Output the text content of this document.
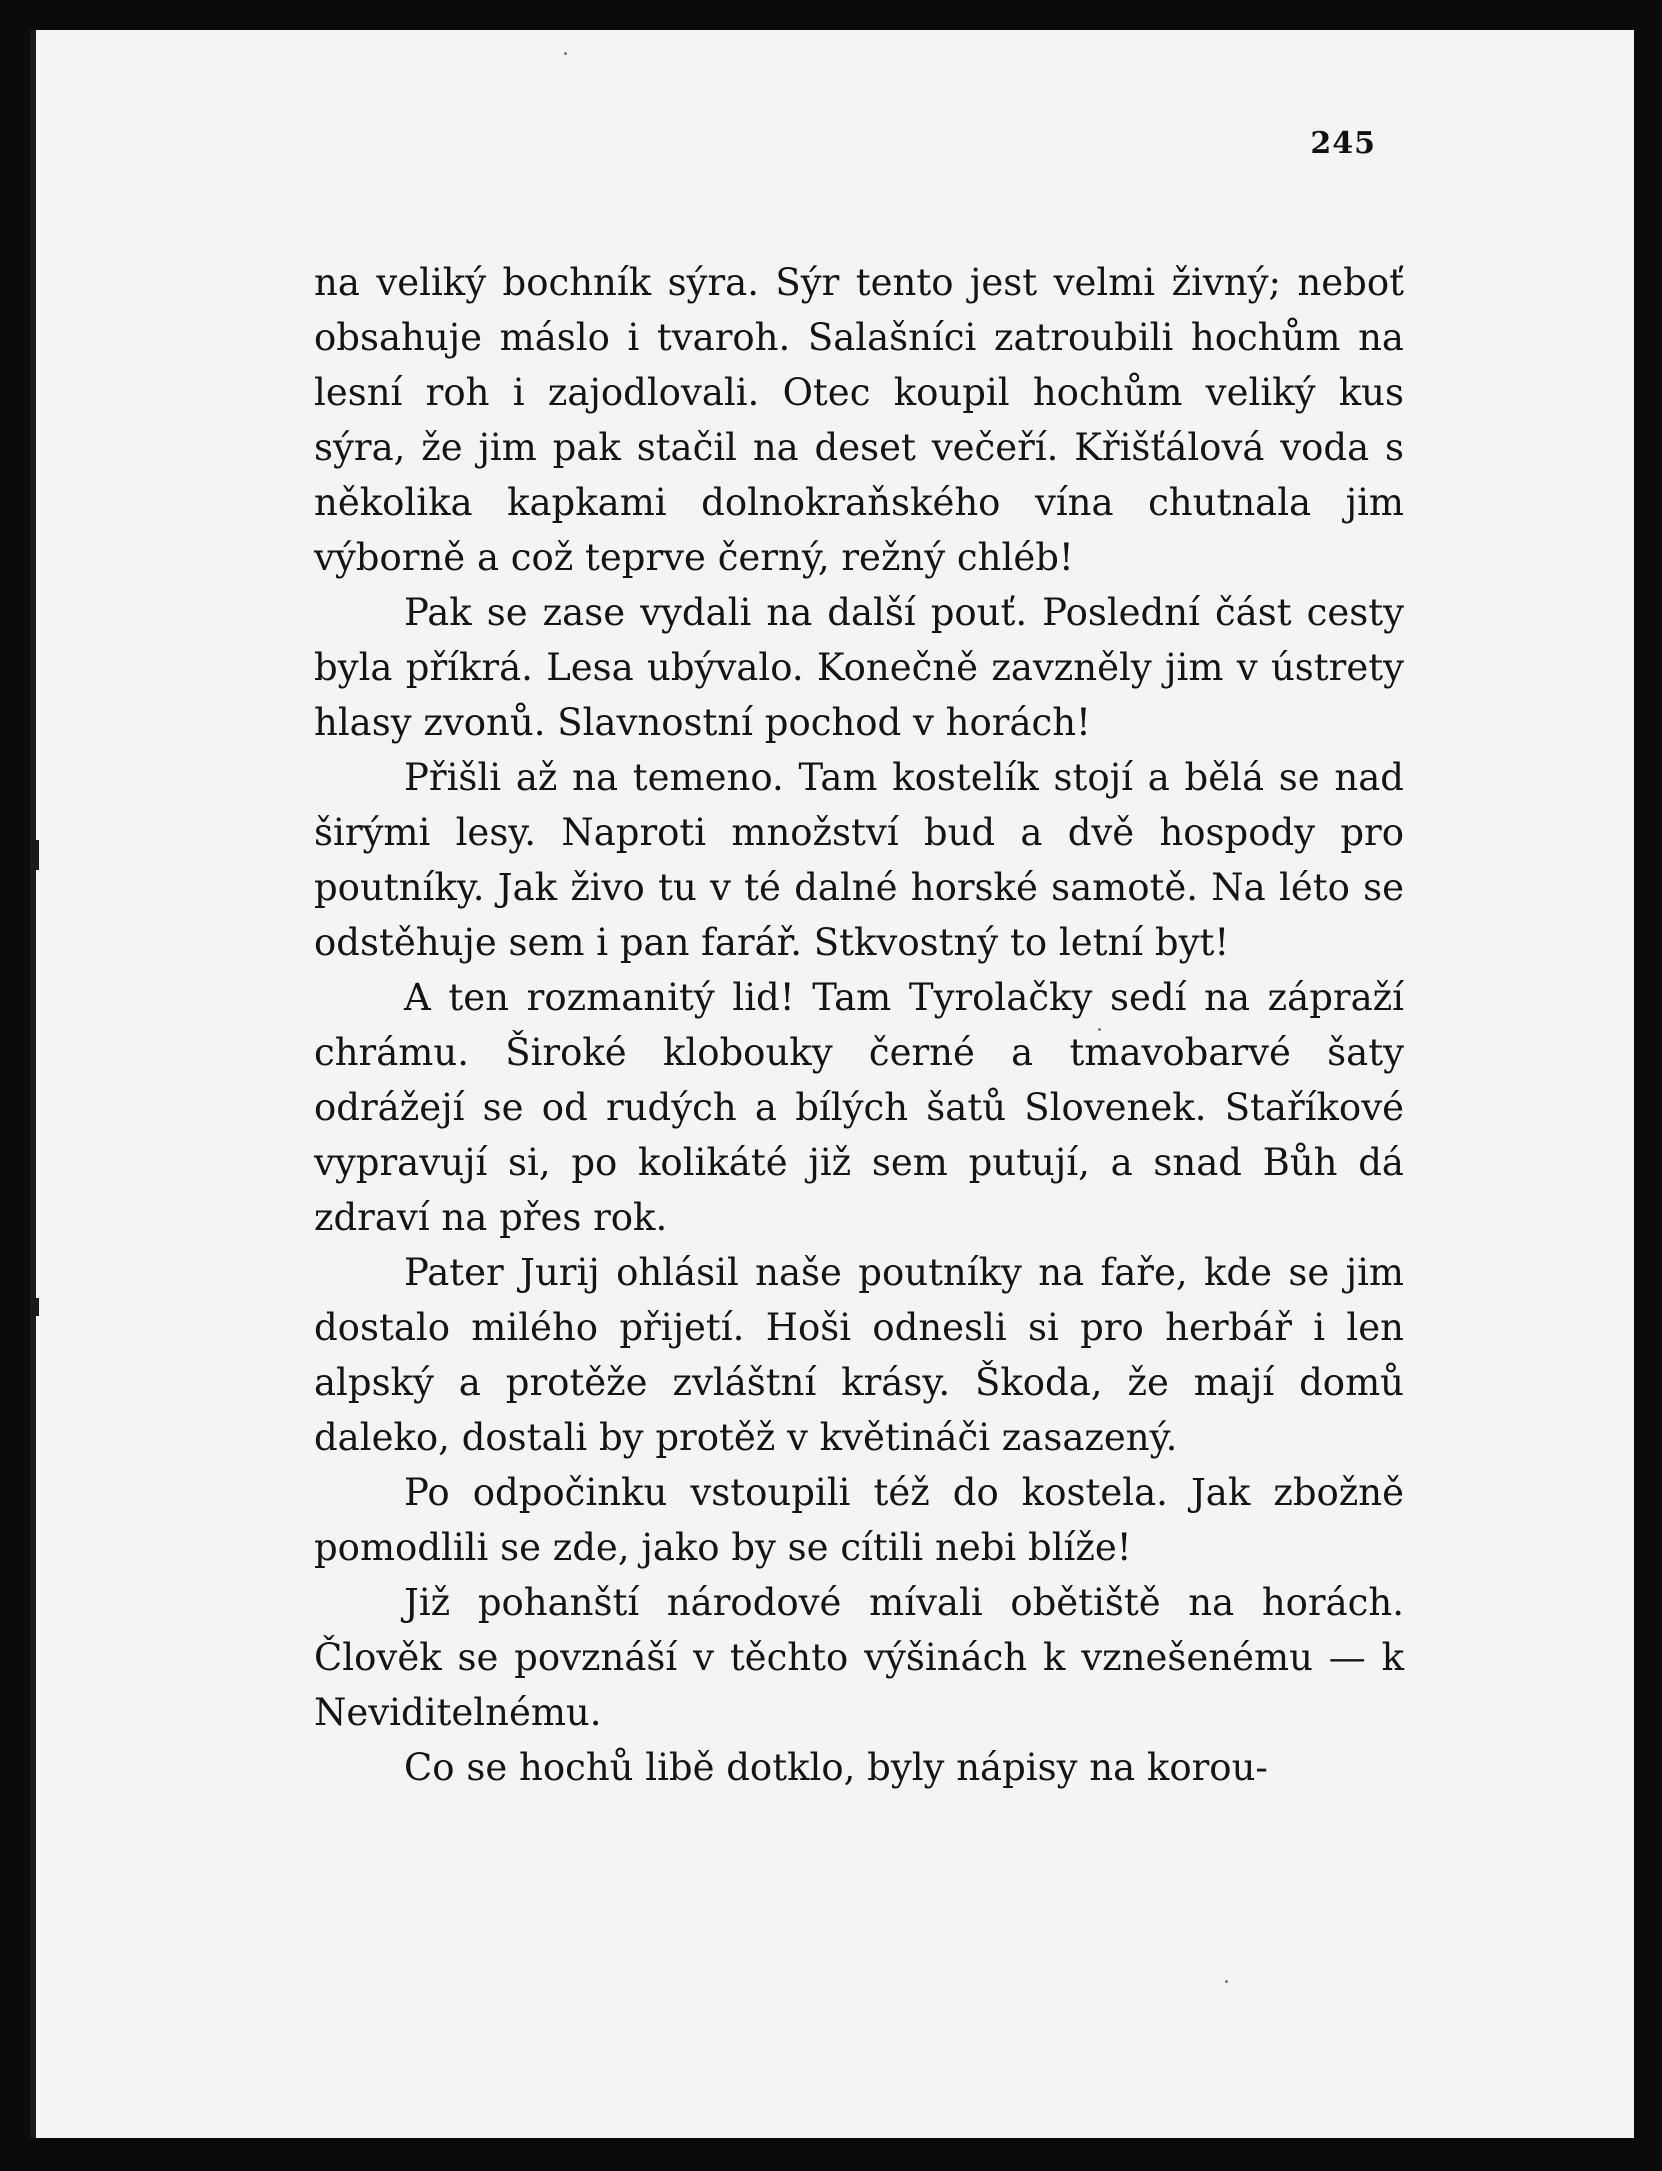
245

na veliký bochník sýra. Sýr tento jest velmi živný; neboť obsahuje máslo i tvaroh. Salašníci zatroubili hochům na lesní roh i zajodlovali. Otec koupil hochům veliký kus sýra, že jim pak stačil na deset večeří. Křišťálová voda s několika kapkami dolnokraňského vína chutnala jim výborně a což teprve černý, režný chléb!

Pak se zase vydali na další pouť. Poslední část cesty byla příkrá. Lesa ubývalo. Konečně zavzněly jim v ústrety hlasy zvonů. Slavnostní pochod v horách!

Přišli až na temeno. Tam kostelík stojí a bělá se nad širými lesy. Naproti množství bud a dvě hospody pro poutníky. Jak živo tu v té dalné horské samotě. Na léto se odstěhuje sem i pan farář. Stkvostný to letní byt!

A ten rozmanitý lid! Tam Tyrolačky sedí na zápraží chrámu. Široké klobouky černé a tmavobarvé šaty odrážejí se od rudých a bílých šatů Slovenek. Staříkové vypravují si, po kolikáté již sem putují, a snad Bůh dá zdraví na přes rok.

Pater Jurij ohlásil naše poutníky na faře, kde se jim dostalo milého přijetí. Hoši odnesli si pro herbář i len alpský a protěže zvláštní krásy. Škoda, že mají domů daleko, dostali by protěž v květináči zasazený.

Po odpočinku vstoupili též do kostela. Jak zbožně pomodlili se zde, jako by se cítili nebi blíže!

Již pohanští národové mívali obětiště na horách. Člověk se povznáší v těchto výšinách k vznešenému — k Neviditelnému.

Co se hochů libě dotklo, byly nápisy na korou-
